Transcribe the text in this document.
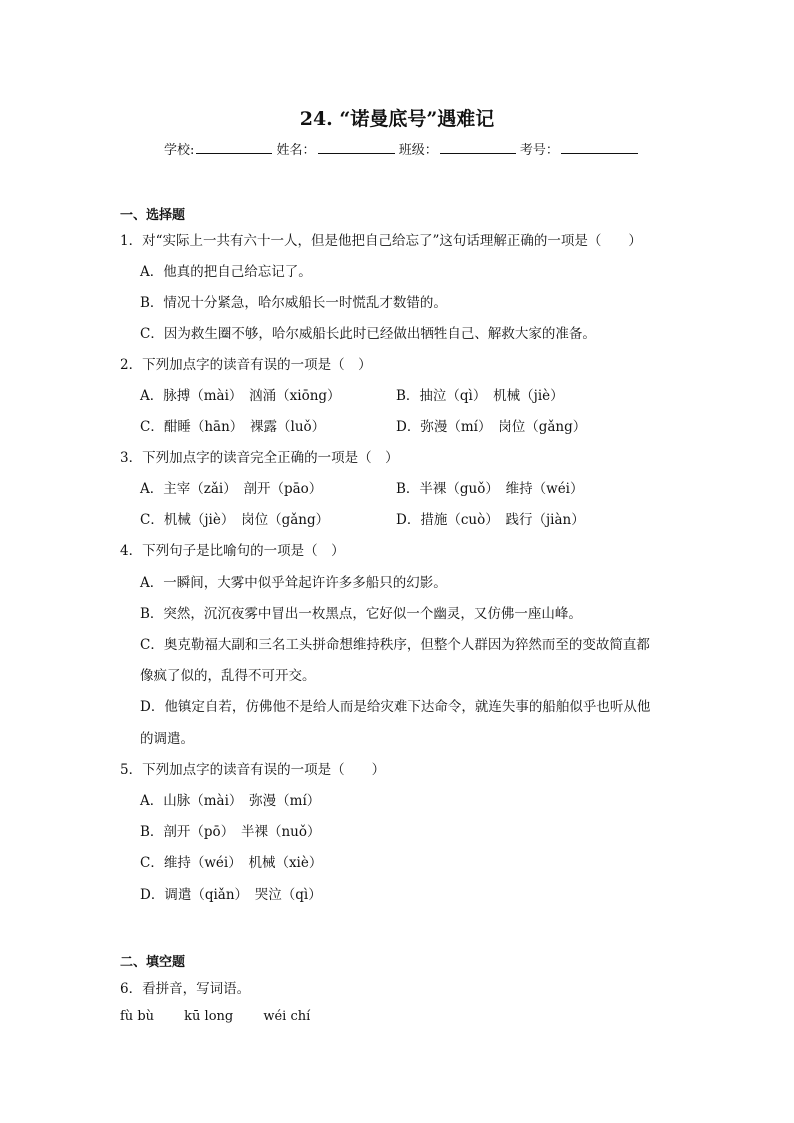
24. “诺曼底号”遇难记
学校:	姓名：	班级：	考号：
一、选择题
1．对“实际上一共有六十一人，但是他把自己给忘了”这句话理解正确的一项是（　　）
A．他真的把自己给忘记了。
B．情况十分紧急，哈尔威船长一时慌乱才数错的。
C．因为救生圈不够，哈尔威船长此时已经做出牺牲自己、解救大家的准备。
2．下列加点字的读音有误的一项是（　）
A．脉搏（mài）　汹涌（xiōng）	B．抽泣（qì）　机械（jiè）
C．酣睡（hān）　裸露（luǒ）	D．弥漫（mí）　岗位（gǎng）
3．下列加点字的读音完全正确的一项是（　）
A．主宰（zǎi）　剖开（pāo）	B．半裸（guǒ）　维持（wéi）
C．机械（jiè）　岗位（gǎng）	D．措施（cuò）　践行（jiàn）
4．下列句子是比喻句的一项是（　）
A．一瞬间，大雾中似乎耸起许许多多船只的幻影。
B．突然，沉沉夜雾中冒出一枚黑点，它好似一个幽灵，又仿佛一座山峰。
C．奥克勒福大副和三名工头拼命想维持秩序，但整个人群因为猝然而至的变故简直都
像疯了似的，乱得不可开交。
D．他镇定自若，仿佛他不是给人而是给灾难下达命令，就连失事的船舶似乎也听从他
的调遣。
5．下列加点字的读音有误的一项是（　　）
A．山脉（mài）　弥漫（mí）
B．剖开（pō）　半裸（nuǒ）
C．维持（wéi）　机械（xiè）
D．调遣（qiǎn）　哭泣（qì）
二、填空题
6．看拼音，写词语。
fù bù kū long wéi chí
